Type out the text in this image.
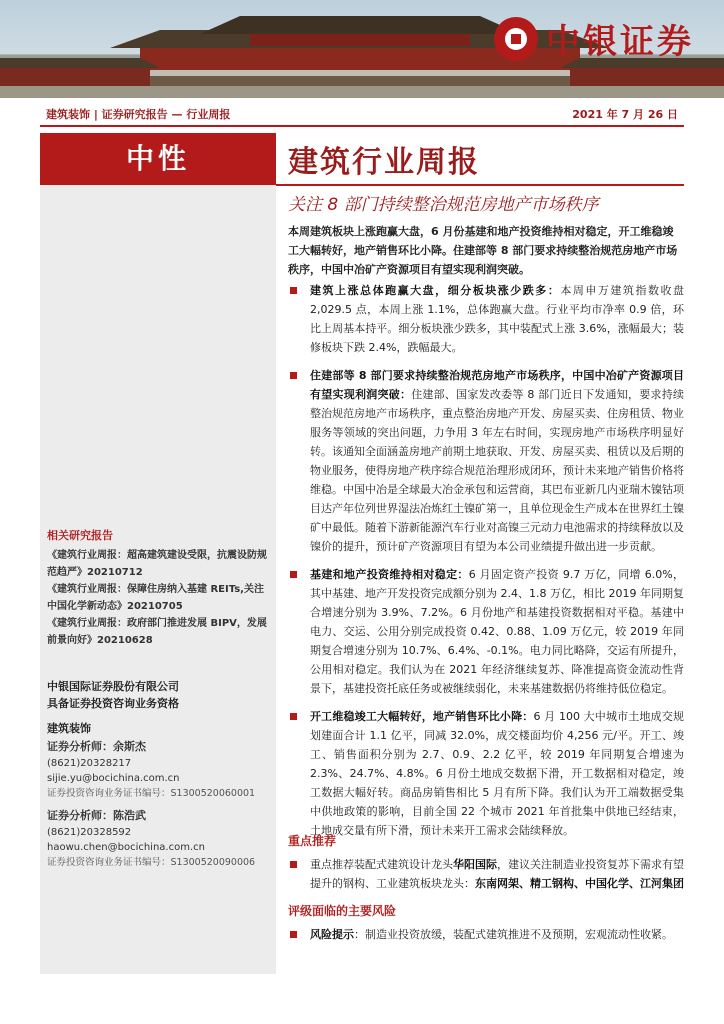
中银证券
建筑装饰 | 证券研究报告 — 行业周报	2021 年 7 月 26 日
中性	建筑行业周报
关注 8 部门持续整治规范房地产市场秩序
本周建筑板块上涨跑赢大盘，6 月份基建和地产投资维持相对稳定，开工维稳竣工大幅转好，地产销售环比小降。住建部等 8 部门要求持续整治规范房地产市场秩序，中国中冶矿产资源项目有望实现利润突破。
建筑上涨总体跑赢大盘，细分板块涨少跌多：本周申万建筑指数收盘 2,029.5 点，本周上涨 1.1%，总体跑赢大盘。行业平均市净率 0.9 倍，环比上周基本持平。细分板块涨少跌多，其中装配式上涨 3.6%，涨幅最大；装修板块下跌 2.4%，跌幅最大。
住建部等 8 部门要求持续整治规范房地产市场秩序，中国中冶矿产资源项目有望实现利润突破：住建部、国家发改委等 8 部门近日下发通知，要求持续整治规范房地产市场秩序，重点整治房地产开发、房屋买卖、住房租赁、物业服务等领域的突出问题，力争用 3 年左右时间，实现房地产市场秩序明显好转。该通知全面涵盖房地产前期土地获取、开发、房屋买卖、租赁以及后期的物业服务，使得房地产秩序综合规范治理形成闭环，预计未来地产销售价格将维稳。中国中冶是全球最大冶金承包和运营商，其巴布亚新几内亚瑞木镍钴项目达产年位列世界湿法冶炼红土镍矿第一，且单位现金生产成本在世界红土镍矿中最低。随着下游新能源汽车行业对高镍三元动力电池需求的持续释放以及镍价的提升，预计矿产资源项目有望为本公司业绩提升做出进一步贡献。
基建和地产投资维持相对稳定：6 月固定资产投资 9.7 万亿，同增 6.0%，其中基建、地产开发投资完成额分别为 2.4、1.8 万亿，相比 2019 年同期复合增速分别为 3.9%、7.2%。6 月份地产和基建投资数据相对平稳。基建中电力、交运、公用分别完成投资 0.42、0.88、1.09 万亿元，较 2019 年同期复合增速分别为 10.7%、6.4%、-0.1%。电力同比略降，交运有所提升，公用相对稳定。我们认为在 2021 年经济继续复苏、降准提高资金流动性背景下，基建投资托底任务或被继续弱化，未来基建数据仍将维持低位稳定。
开工维稳竣工大幅转好，地产销售环比小降：6 月 100 大中城市土地成交规划建面合计 1.1 亿平，同减 32.0%，成交楼面均价 4,256 元/平。开工、竣工、销售面积分别为 2.7、0.9、2.2 亿平，较 2019 年同期复合增速为 2.3%、24.7%、4.8%。6 月份土地成交数据下滑，开工数据相对稳定，竣工数据大幅好转。商品房销售相比 5 月有所下降。我们认为开工端数据受集中供地政策的影响，目前全国 22 个城市 2021 年首批集中供地已经结束，土地成交量有所下滑，预计未来开工需求会陆续释放。
重点推荐
重点推荐装配式建筑设计龙头华阳国际，建议关注制造业投资复苏下需求有望提升的钢构、工业建筑板块龙头：东南网架、精工钢构、中国化学、江河集团
评级面临的主要风险
风险提示：制造业投资放缓，装配式建筑推进不及预期，宏观流动性收紧。
相关研究报告
《建筑行业周报：超高建筑建设受限，抗震设防规范趋严》20210712
《建筑行业周报：保障住房纳入基建 REITs,关注中国化学新动态》20210705
《建筑行业周报：政府部门推进发展 BIPV，发展前景向好》20210628
中银国际证券股份有限公司
具备证券投资咨询业务资格
建筑装饰
证券分析师：余斯杰
(8621)20328217
sijie.yu@bocichina.com.cn
证券投资咨询业务证书编号：S1300520060001
证券分析师：陈浩武
(8621)20328592
haowu.chen@bocichina.com.cn
证券投资咨询业务证书编号：S1300520090006
